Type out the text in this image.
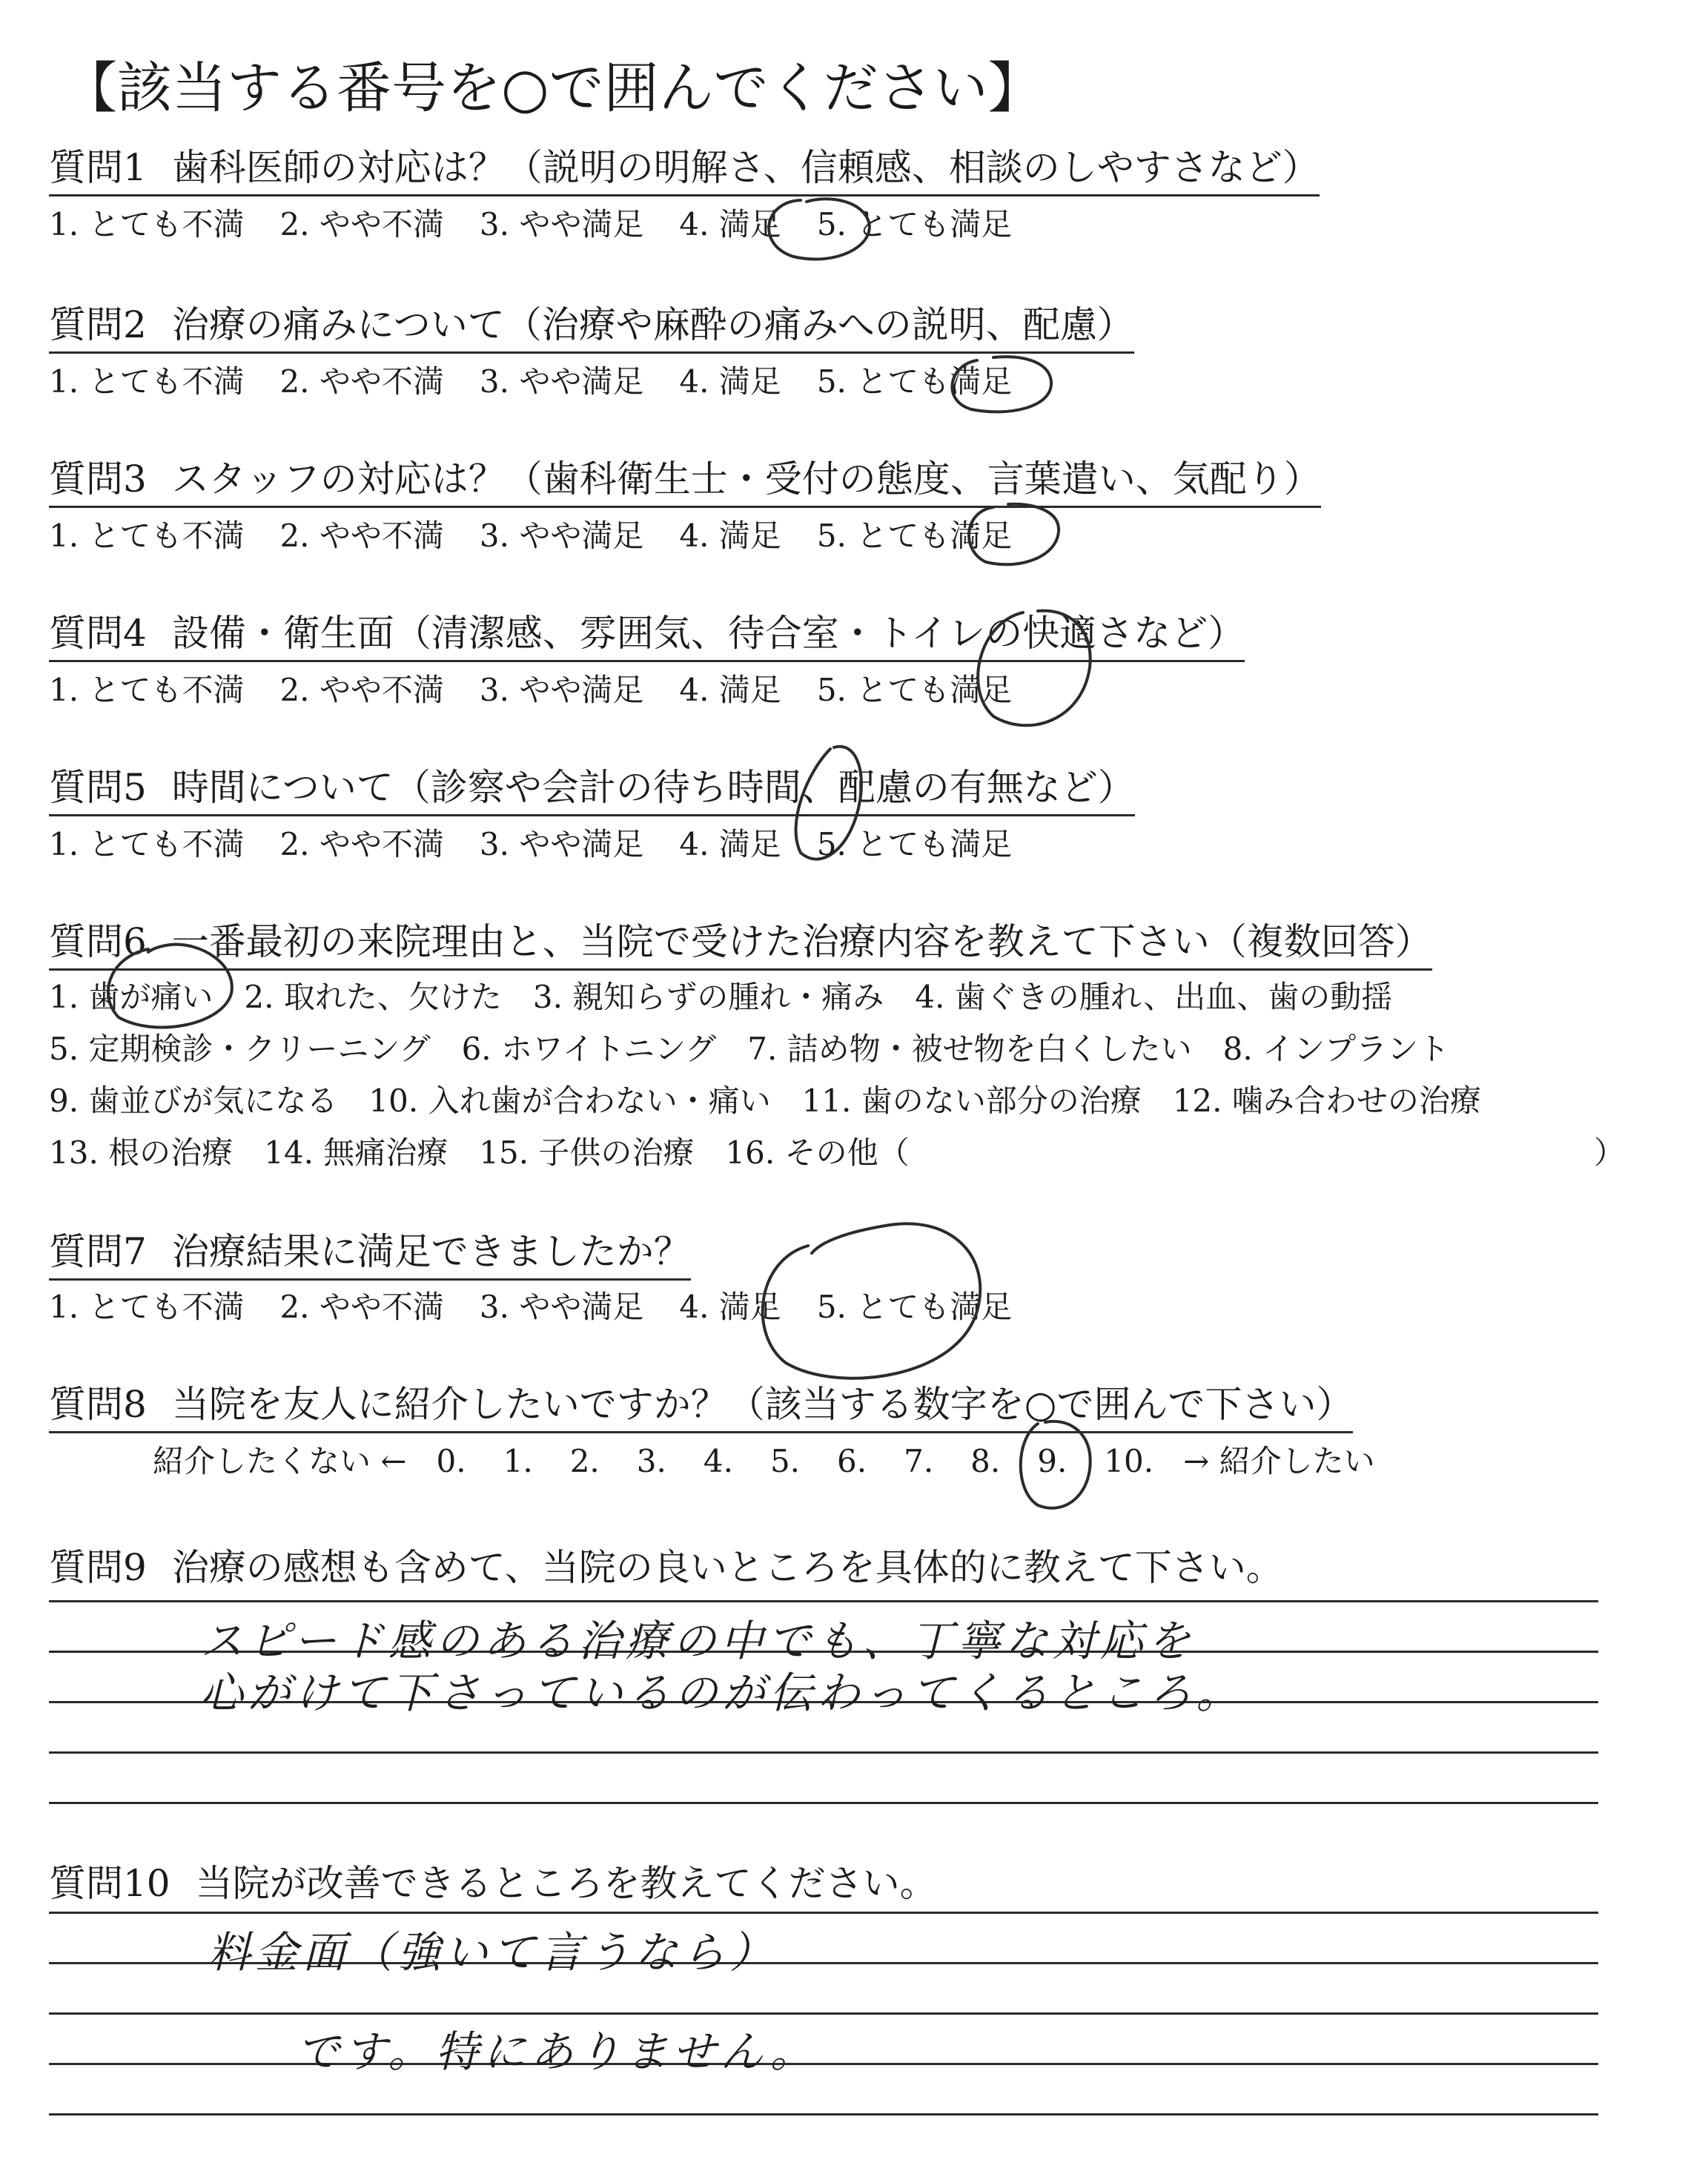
【該当する番号を○で囲んでください】
質問1 歯科医師の対応は？（説明の明解さ、信頼感、相談のしやすさなど）
1. とても不満 2. やや不満 3. やや満足 4. 満足 5. とても満足
質問2 治療の痛みについて（治療や麻酔の痛みへの説明、配慮）
1. とても不満 2. やや不満 3. やや満足 4. 満足 5. とても満足
質問3 スタッフの対応は？（歯科衛生士・受付の態度、言葉遣い、気配り）
1. とても不満 2. やや不満 3. やや満足 4. 満足 5. とても満足
質問4 設備・衛生面（清潔感、雰囲気、待合室・トイレの快適さなど）
1. とても不満 2. やや不満 3. やや満足 4. 満足 5. とても満足
質問5 時間について（診察や会計の待ち時間、配慮の有無など）
1. とても不満 2. やや不満 3. やや満足 4. 満足 5. とても満足
質問6 一番最初の来院理由と、当院で受けた治療内容を教えて下さい（複数回答）
1. 歯が痛い　2. 取れた、欠けた　3. 親知らずの腫れ・痛み　4. 歯ぐきの腫れ、出血、歯の動揺
5. 定期検診・クリーニング　6. ホワイトニング　7. 詰め物・被せ物を白くしたい　8. インプラント
9. 歯並びが気になる　10. 入れ歯が合わない・痛い　11. 歯のない部分の治療　12. 噛み合わせの治療
13. 根の治療　14. 無痛治療　15. 子供の治療　16. その他（	）
質問7 治療結果に満足できましたか？
1. とても不満 2. やや不満 3. やや満足 4. 満足 5. とても満足
質問8 当院を友人に紹介したいですか？（該当する数字を○で囲んで下さい）
紹介したくない ← 0. 1. 2. 3. 4. 5. 6. 7. 8. 9. 10. → 紹介したい
質問9 治療の感想も含めて、当院の良いところを具体的に教えて下さい。
スピード感のある治療の中でも、丁寧な対応を
心がけて下さっているのが伝わってくるところ。
質問10 当院が改善できるところを教えてください。
料金面（強いて言うなら）
です。特にありません。
